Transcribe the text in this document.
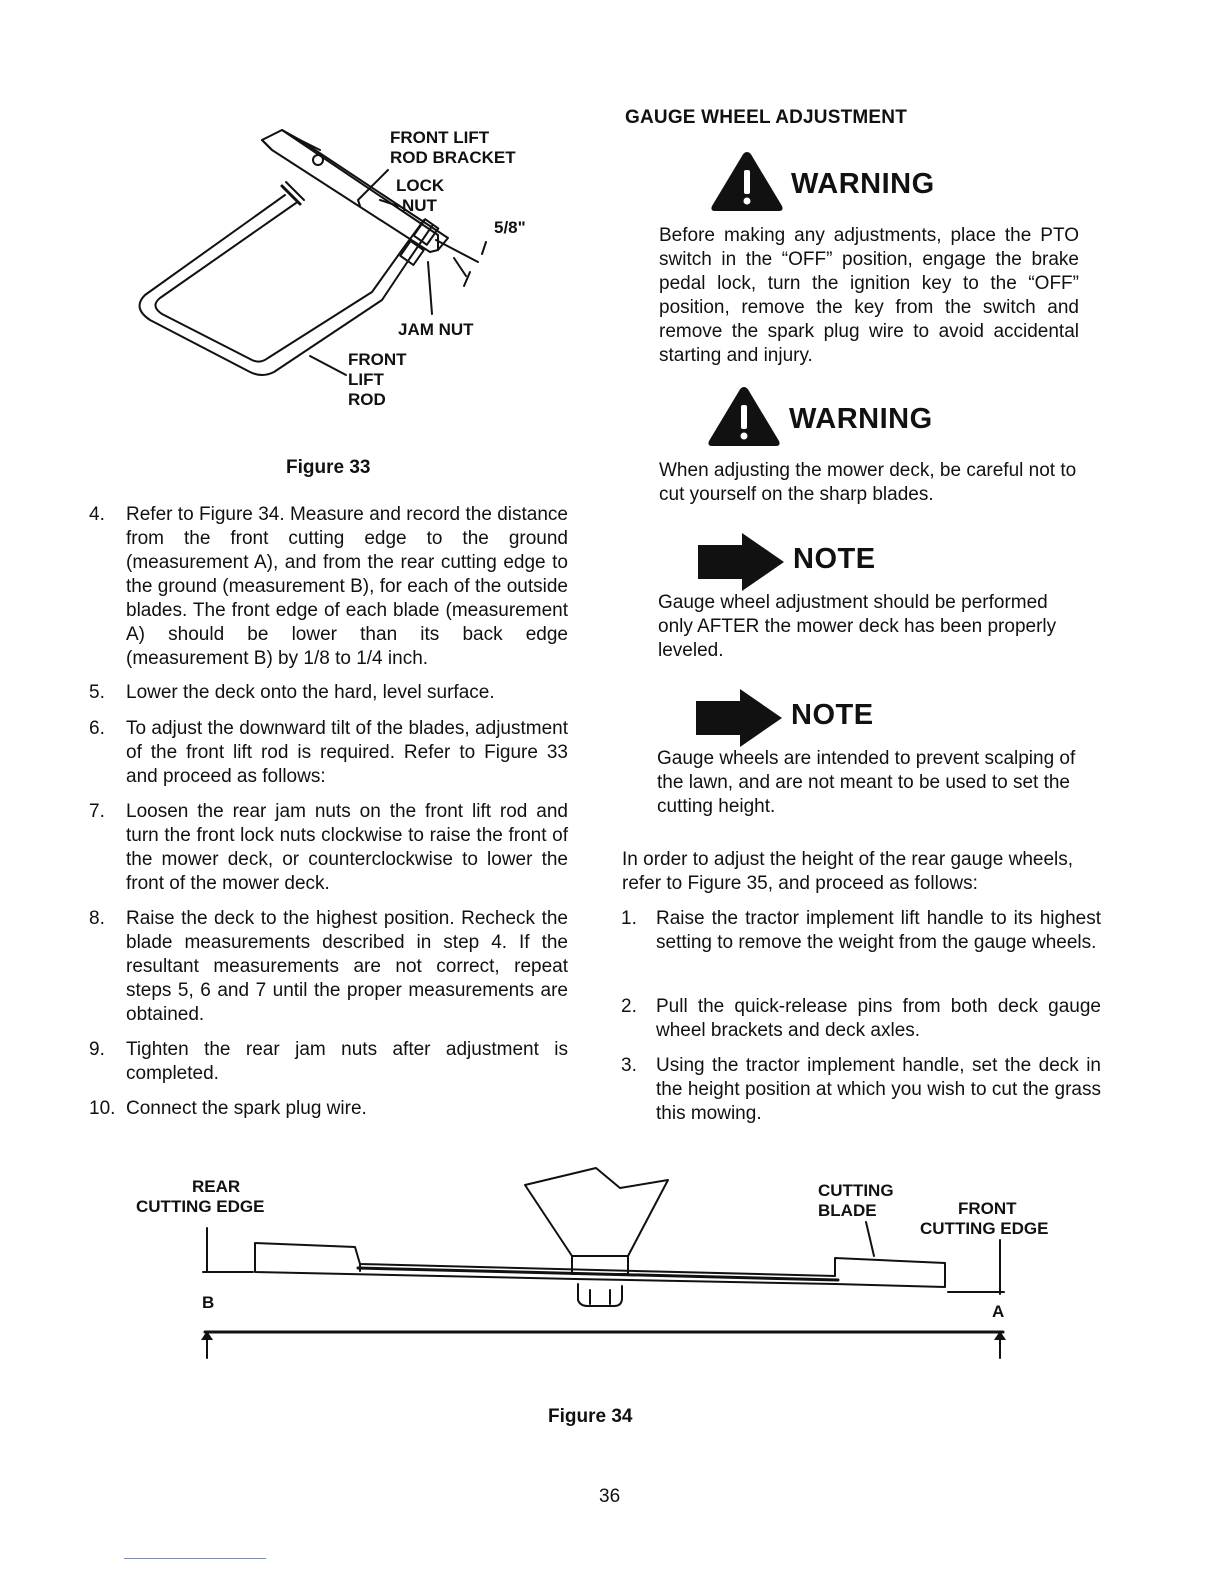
FRONT LIFT
ROD BRACKET
LOCK
NUT
5/8"
JAM NUT
FRONT
LIFT
ROD
Figure 33
4. Refer to Figure 34. Measure and record the distance from the front cutting edge to the ground (measurement A), and from the rear cutting edge to the ground (measurement B), for each of the outside blades. The front edge of each blade (measurement A) should be lower than its back edge (measurement B) by 1/8 to 1/4 inch.
5. Lower the deck onto the hard, level surface.
6. To adjust the downward tilt of the blades, adjustment of the front lift rod is required. Refer to Figure 33 and proceed as follows:
7. Loosen the rear jam nuts on the front lift rod and turn the front lock nuts clockwise to raise the front of the mower deck, or counterclockwise to lower the front of the mower deck.
8. Raise the deck to the highest position. Recheck the blade measurements described in step 4. If the resultant measurements are not correct, repeat steps 5, 6 and 7 until the proper measurements are obtained.
9. Tighten the rear jam nuts after adjustment is completed.
10. Connect the spark plug wire.
GAUGE WHEEL ADJUSTMENT
WARNING
Before making any adjustments, place the PTO switch in the “OFF” position, engage the brake pedal lock, turn the ignition key to the “OFF” position, remove the key from the switch and remove the spark plug wire to avoid accidental starting and injury.
WARNING
When adjusting the mower deck, be careful not to cut yourself on the sharp blades.
NOTE
Gauge wheel adjustment should be performed only AFTER the mower deck has been properly leveled.
NOTE
Gauge wheels are intended to prevent scalping of the lawn, and are not meant to be used to set the cutting height.
In order to adjust the height of the rear gauge wheels, refer to Figure 35, and proceed as follows:
1. Raise the tractor implement lift handle to its highest setting to remove the weight from the gauge wheels.
2. Pull the quick-release pins from both deck gauge wheel brackets and deck axles.
3. Using the tractor implement handle, set the deck in the height position at which you wish to cut the grass this mowing.
REAR
CUTTING EDGE
CUTTING
BLADE	FRONT
CUTTING EDGE
B	A
Figure 34
36
